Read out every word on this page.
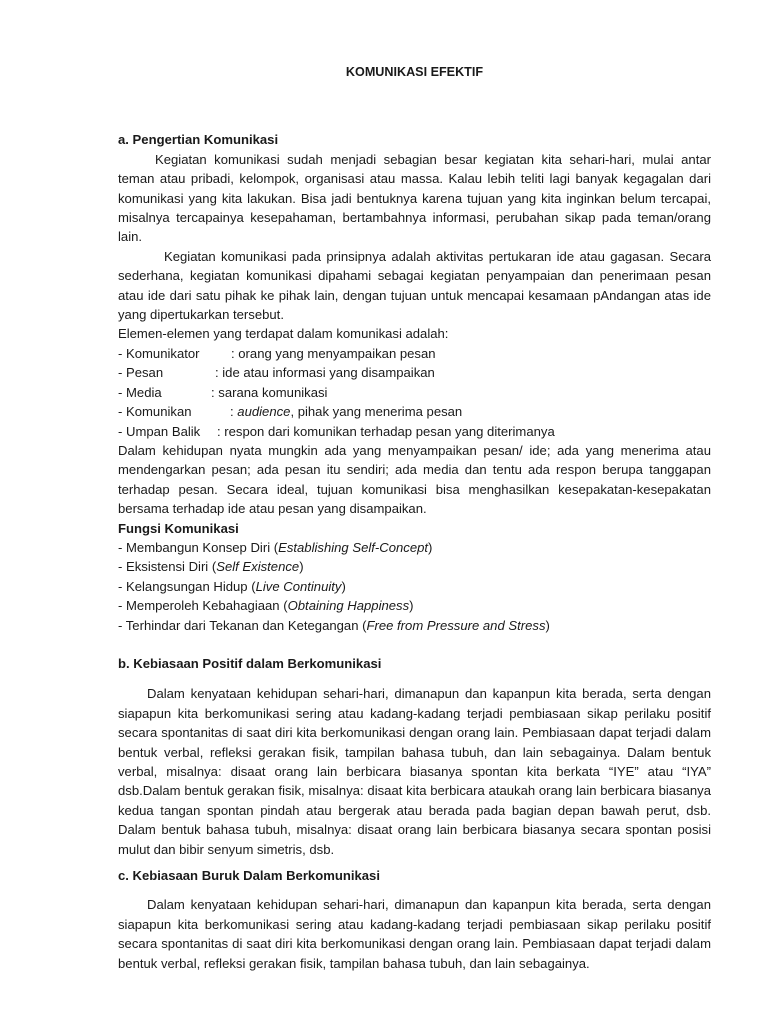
KOMUNIKASI EFEKTIF

a. Pengertian Komunikasi

Kegiatan komunikasi sudah menjadi sebagian besar kegiatan kita sehari-hari, mulai antar teman atau pribadi, kelompok, organisasi atau massa. Kalau lebih teliti lagi banyak kegagalan dari komunikasi yang kita lakukan. Bisa jadi bentuknya karena tujuan yang kita inginkan belum tercapai, misalnya tercapainya kesepahaman, bertambahnya informasi, perubahan sikap pada teman/orang lain.

Kegiatan komunikasi pada prinsipnya adalah aktivitas pertukaran ide atau gagasan. Secara sederhana, kegiatan komunikasi dipahami sebagai kegiatan penyampaian dan penerimaan pesan atau ide dari satu pihak ke pihak lain, dengan tujuan untuk mencapai kesamaan pAndangan atas ide yang dipertukarkan tersebut.

Elemen-elemen yang terdapat dalam komunikasi adalah:

- Komunikator : orang yang menyampaikan pesan

- Pesan	: ide atau informasi yang disampaikan

- Media	: sarana komunikasi

- Komunikan	: audience, pihak yang menerima pesan

- Umpan Balik : respon dari komunikan terhadap pesan yang diterimanya

Dalam kehidupan nyata mungkin ada yang menyampaikan pesan/ ide; ada yang menerima atau mendengarkan pesan; ada pesan itu sendiri; ada media dan tentu ada respon berupa tanggapan terhadap pesan. Secara ideal, tujuan komunikasi bisa menghasilkan kesepakatan-kesepakatan bersama terhadap ide atau pesan yang disampaikan.

Fungsi Komunikasi

- Membangun Konsep Diri (Establishing Self-Concept)

- Eksistensi Diri (Self Existence)

- Kelangsungan Hidup (Live Continuity)

- Memperoleh Kebahagiaan (Obtaining Happiness)

- Terhindar dari Tekanan dan Ketegangan (Free from Pressure and Stress)

b. Kebiasaan Positif dalam Berkomunikasi

Dalam kenyataan kehidupan sehari-hari, dimanapun dan kapanpun kita berada, serta dengan siapapun kita berkomunikasi sering atau kadang-kadang terjadi pembiasaan sikap perilaku positif secara spontanitas di saat diri kita berkomunikasi dengan orang lain. Pembiasaan dapat terjadi dalam bentuk verbal, refleksi gerakan fisik, tampilan bahasa tubuh, dan lain sebagainya. Dalam bentuk verbal, misalnya: disaat orang lain berbicara biasanya spontan kita berkata “IYE” atau “IYA” dsb.Dalam bentuk gerakan fisik, misalnya: disaat kita berbicara ataukah orang lain berbicara biasanya kedua tangan spontan pindah atau bergerak atau berada pada bagian depan bawah perut, dsb. Dalam bentuk bahasa tubuh, misalnya: disaat orang lain berbicara biasanya secara spontan posisi mulut dan bibir senyum simetris, dsb.

c. Kebiasaan Buruk Dalam Berkomunikasi

Dalam kenyataan kehidupan sehari-hari, dimanapun dan kapanpun kita berada, serta dengan siapapun kita berkomunikasi sering atau kadang-kadang terjadi pembiasaan sikap perilaku positif secara spontanitas di saat diri kita berkomunikasi dengan orang lain. Pembiasaan dapat terjadi dalam bentuk verbal, refleksi gerakan fisik, tampilan bahasa tubuh, dan lain sebagainya.
